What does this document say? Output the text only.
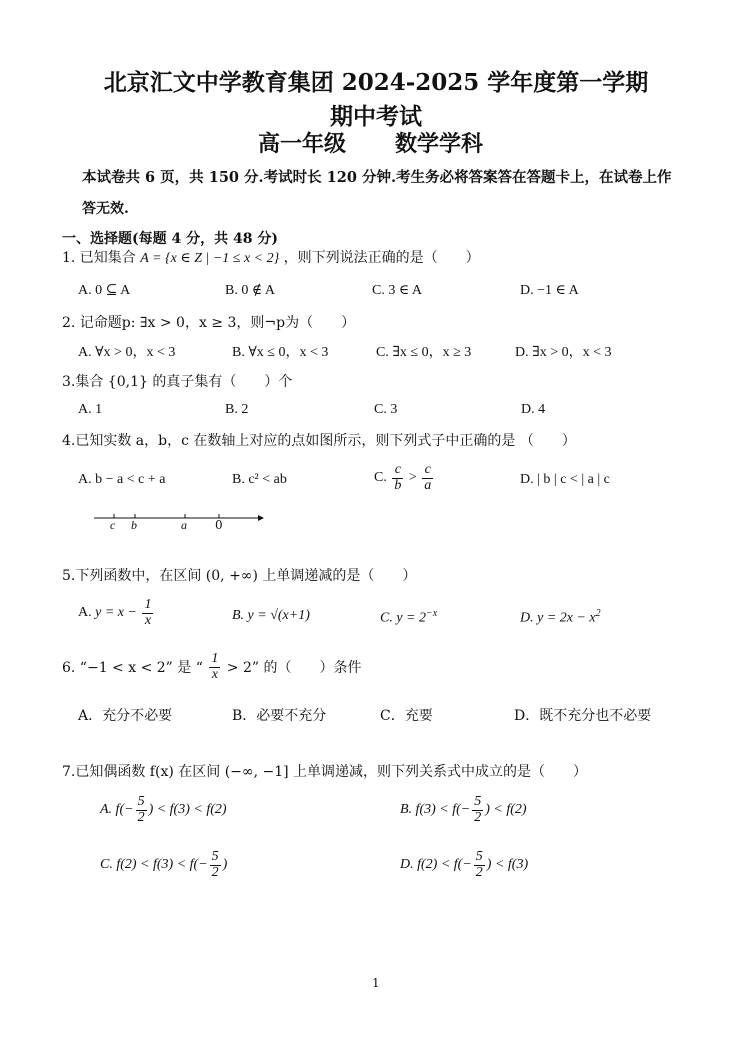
北京汇文中学教育集团 2024-2025 学年度第一学期
期中考试
高一年级 数学学科
本试卷共 6 页，共 150 分.考试时长 120 分钟.考生务必将答案答在答题卡上，在试卷上作
答无效.
一、选择题(每题 4 分，共 48 分)
1. 已知集合 A = {x ∈ Z | −1 ≤ x < 2} ，则下列说法正确的是（　　）
A. 0 ⊆ A	B. 0 ∉ A	C. 3 ∈ A	D. −1 ∈ A
2. 记命题p: ∃x > 0，x ≥ 3，则¬p为（　　）
A. ∀x > 0，x < 3	B. ∀x ≤ 0，x < 3	C. ∃x ≤ 0，x ≥ 3	D. ∃x > 0，x < 3
3.集合 {0,1} 的真子集有（　　）个
A. 1	B. 2	C. 3	D. 4
4.已知实数 a，b，c 在数轴上对应的点如图所示，则下列式子中正确的是 （　　）
A. b − a < c + a	B. c² < ab	C. $\frac{c}{b} > \frac{c}{a}$	D. | b | c < | a | c
c b	a 0
5.下列函数中，在区间 (0, +∞) 上单调递减的是（　　）
A. $y = x - \frac{1}{x}$	B. y = √(x+1)	C. $y = 2^{-x}$	D. $y = 2x - x^2$
6. “−1 < x < 2” 是 “ $\frac{1}{x} > 2$” 的（　　）条件
A．充分不必要	B．必要不充分	C．充要	D．既不充分也不必要
7.已知偶函数 f(x) 在区间 (−∞, −1] 上单调递减，则下列关系式中成立的是（　　）
A. $f(- \frac{5}{2}$ ) < f(3) < f(2)	B. $f(3) < f(- \frac{5}{2}$ ) < f(2)
C. $f(2) < f(3) < f(- \frac{5}{2}$ )	D. $f(2) < f(- \frac{5}{2}$ ) < f(3)
1
